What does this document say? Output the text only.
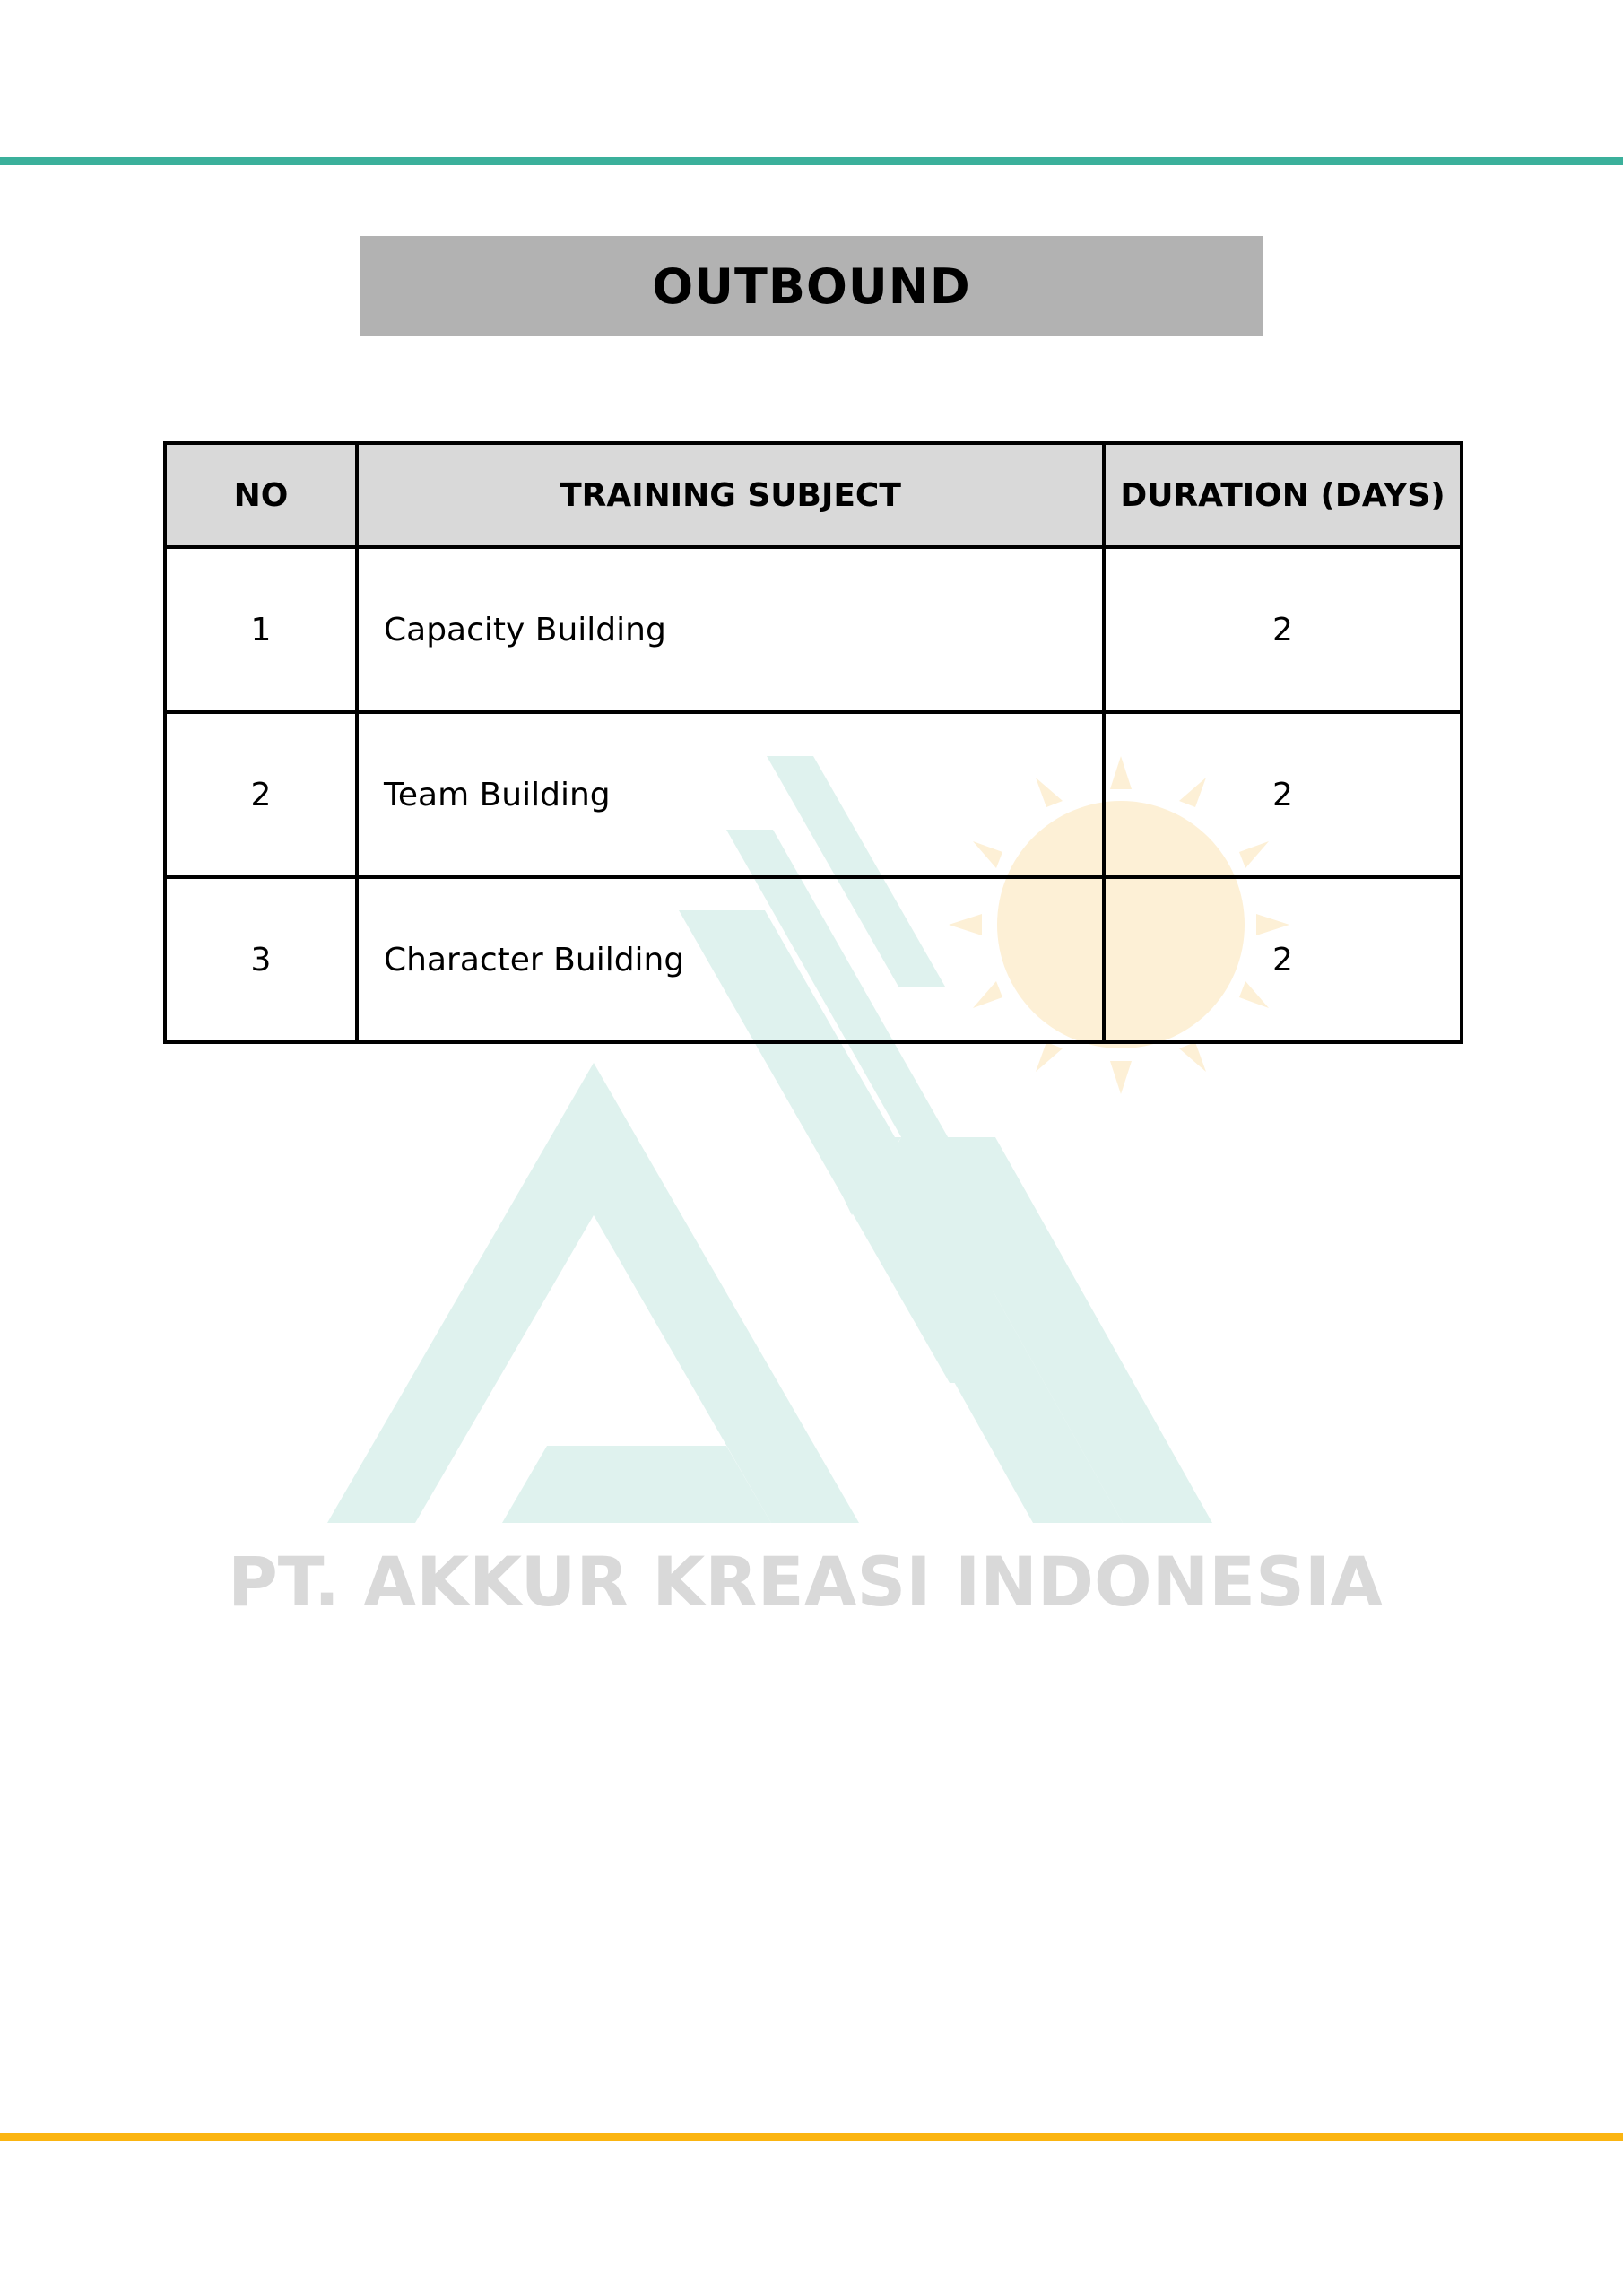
PT. AKKUR KREASI INDONESIA
OUTBOUND
NO	TRAINING SUBJECT	DURATION (DAYS)
1	Capacity Building	2
2	Team Building	2
3	Character Building	2
